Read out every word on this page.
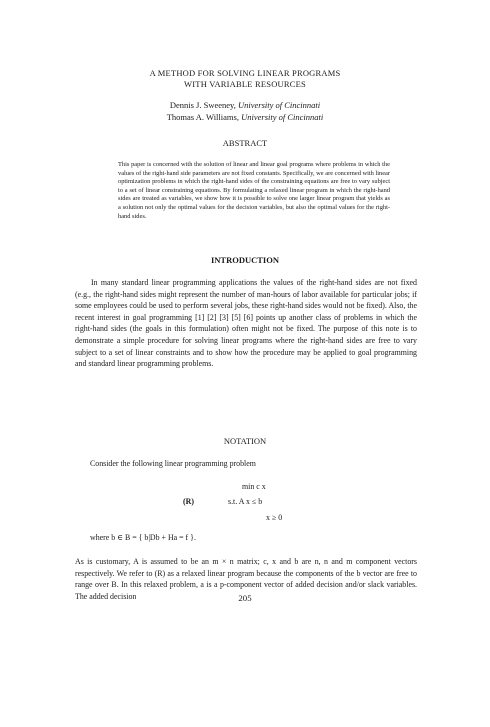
A METHOD FOR SOLVING LINEAR PROGRAMS
WITH VARIABLE RESOURCES
Dennis J. Sweeney, University of Cincinnati
Thomas A. Williams, University of Cincinnati
ABSTRACT
This paper is concerned with the solution of linear and linear goal programs where problems in which the values of the right-hand side parameters are not fixed constants. Specifically, we are concerned with linear optimization problems in which the right-hand sides of the constraining equations are free to vary subject to a set of linear constraining equations. By formulating a relaxed linear program in which the right-hand sides are treated as variables, we show how it is possible to solve one larger linear program that yields as a solution not only the optimal values for the decision variables, but also the optimal values for the right-hand sides.
INTRODUCTION
In many standard linear programming applications the values of the right-hand sides are not fixed (e.g., the right-hand sides might represent the number of man-hours of labor available for particular jobs; if some employees could be used to perform several jobs, these right-hand sides would not be fixed). Also, the recent interest in goal programming [1] [2] [3] [5] [6] points up another class of problems in which the right-hand sides (the goals in this formulation) often might not be fixed. The purpose of this note is to demonstrate a simple procedure for solving linear programs where the right-hand sides are free to vary subject to a set of linear constraints and to show how the procedure may be applied to goal programming and standard linear programming problems.
NOTATION
Consider the following linear programming problem
min c x
(R)	s.t. A x ≤ b
x ≥ 0
where b ∈ B = { b|Db + Ha = f }.
As is customary, A is assumed to be an m × n matrix; c, x and b are n, n and m component vectors respectively. We refer to (R) as a relaxed linear program because the components of the b vector are free to range over B. In this relaxed problem, a is a p-component vector of added decision and/or slack variables. The added decision	205
